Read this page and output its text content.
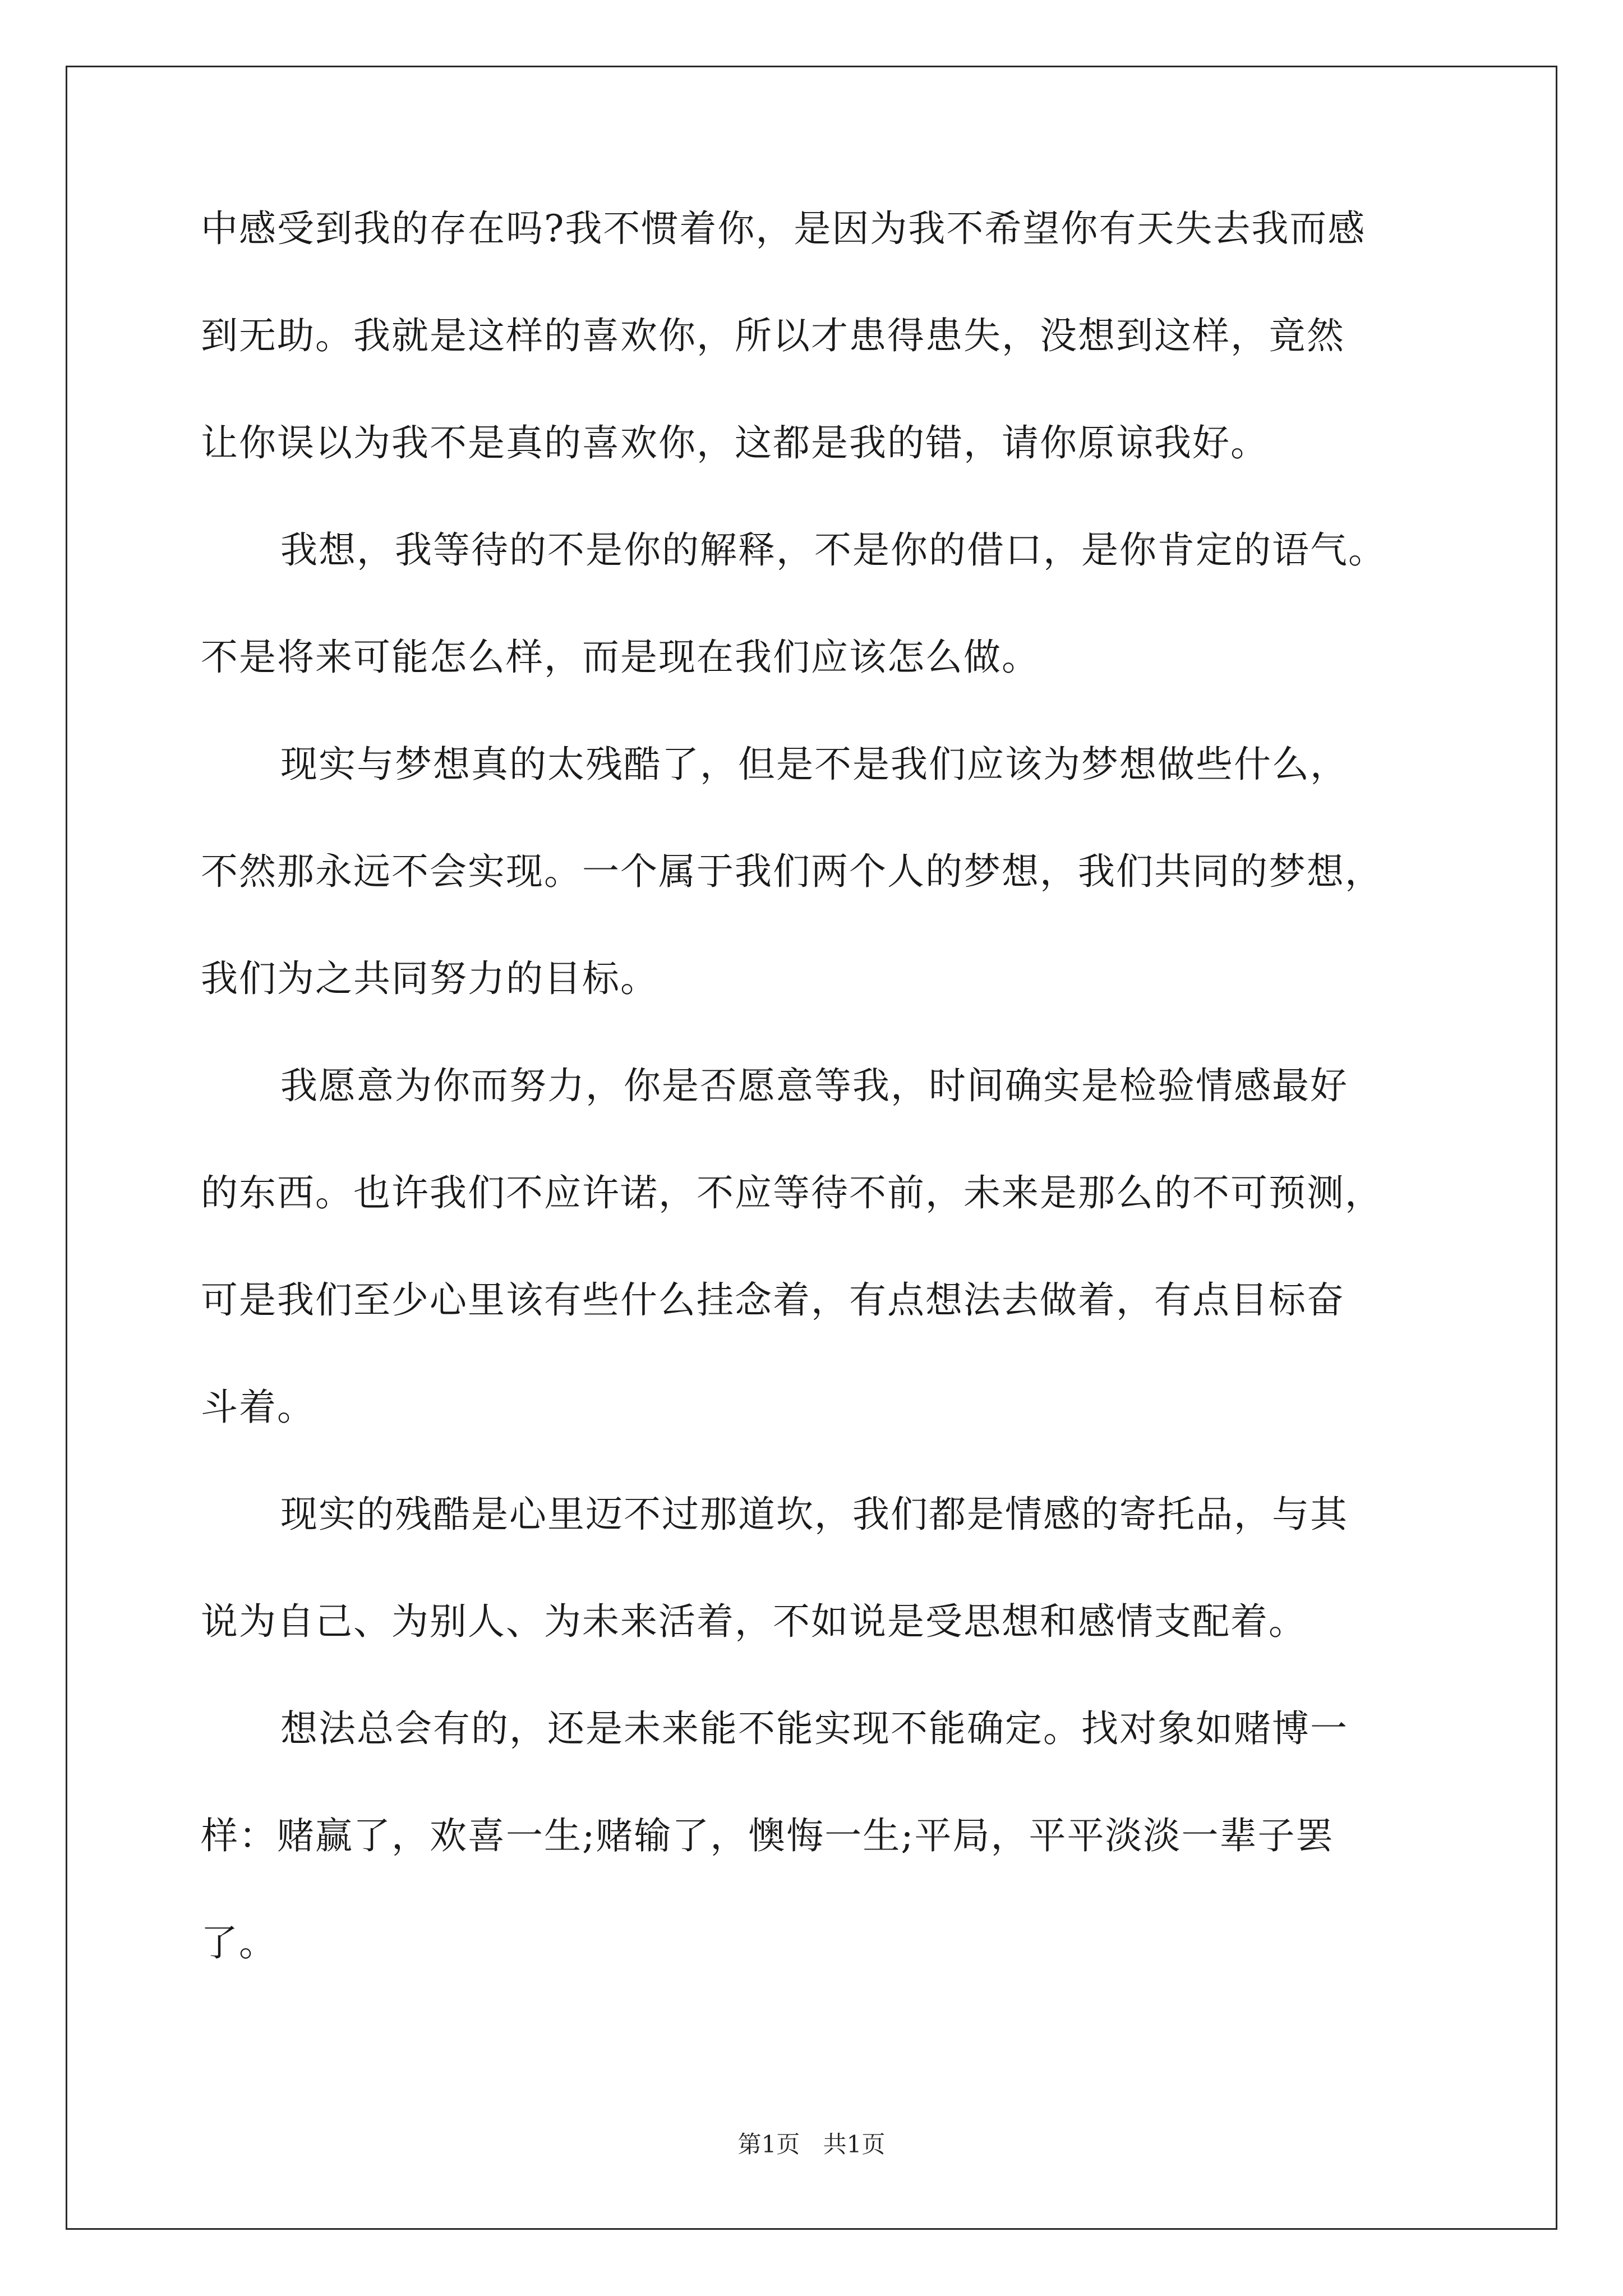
中感受到我的存在吗?我不惯着你，是因为我不希望你有天失去我而感
到无助。我就是这样的喜欢你，所以才患得患失，没想到这样，竟然
让你误以为我不是真的喜欢你，这都是我的错，请你原谅我好。
我想，我等待的不是你的解释，不是你的借口，是你肯定的语气。
不是将来可能怎么样，而是现在我们应该怎么做。
现实与梦想真的太残酷了，但是不是我们应该为梦想做些什么，
不然那永远不会实现。一个属于我们两个人的梦想，我们共同的梦想，
我们为之共同努力的目标。
我愿意为你而努力，你是否愿意等我，时间确实是检验情感最好
的东西。也许我们不应许诺，不应等待不前，未来是那么的不可预测，
可是我们至少心里该有些什么挂念着，有点想法去做着，有点目标奋
斗着。
现实的残酷是心里迈不过那道坎，我们都是情感的寄托品，与其
说为自己、为别人、为未来活着，不如说是受思想和感情支配着。
想法总会有的，还是未来能不能实现不能确定。找对象如赌博一
样：赌赢了，欢喜一生;赌输了，懊悔一生;平局，平平淡淡一辈子罢
了。
第1页 共1页
